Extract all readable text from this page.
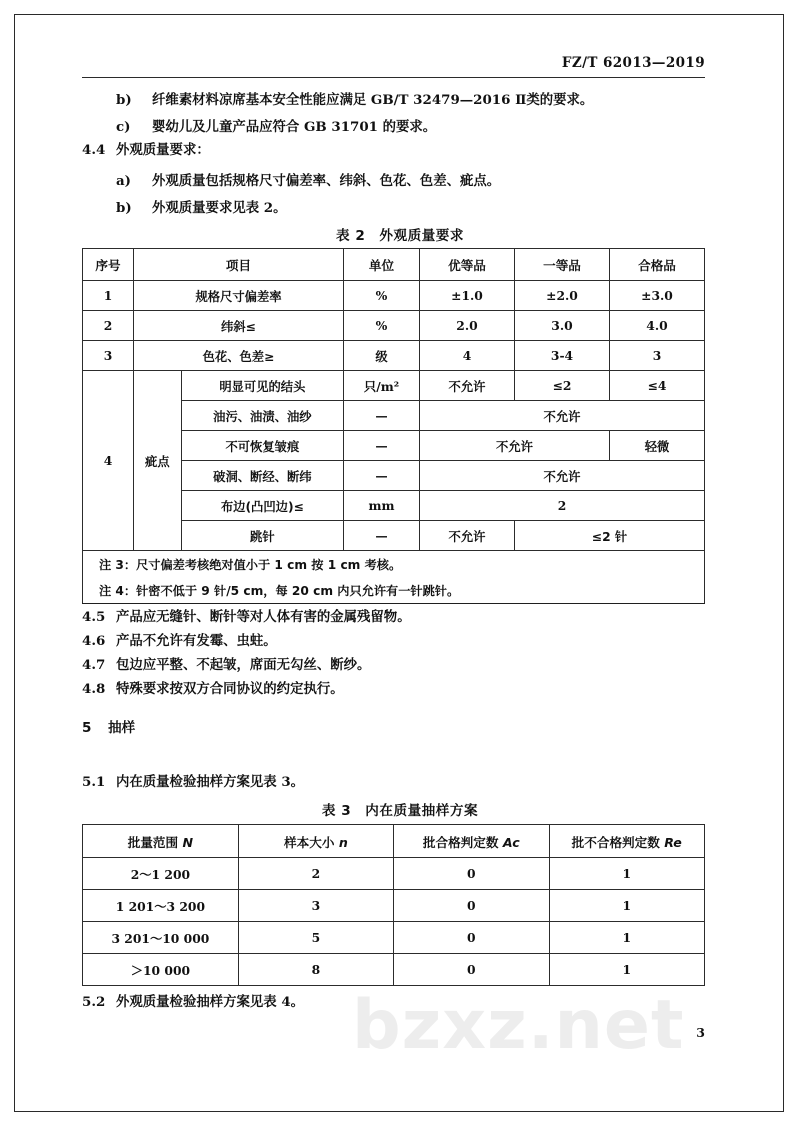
FZ/T 62013—2019
b) 纤维素材料凉席基本安全性能应满足 GB/T 32479—2016 Ⅱ类的要求。
c) 婴幼儿及儿童产品应符合 GB 31701 的要求。
4.4 外观质量要求：
a) 外观质量包括规格尺寸偏差率、纬斜、色花、色差、疵点。
b) 外观质量要求见表 2。
表 2　外观质量要求
序号	项目		单位	优等品	一等品	合格品
1	规格尺寸偏差率		%	±1.0	±2.0	±3.0
2	纬斜≤		%	2.0	3.0	4.0
3	色花、色差≥		级	4	3-4	3
4	疵点	明显可见的结头	只/m²	不允许	≤2	≤4
		油污、油渍、油纱	—	不允许		
		不可恢复皱痕	—	不允许		轻微
		破洞、断经、断纬	—	不允许		
		布边(凸凹边)≤	mm	2		
		跳针	—	不允许	≤2 针	
注 3：尺寸偏差考核绝对值小于 1 cm 按 1 cm 考核。						
注 4：针密不低于 9 针/5 cm，每 20 cm 内只允许有一针跳针。						
4.5 产品应无缝针、断针等对人体有害的金属残留物。
4.6 产品不允许有发霉、虫蛀。
4.7 包边应平整、不起皱，席面无勾丝、断纱。
4.8 特殊要求按双方合同协议的约定执行。
5 抽样
5.1 内在质量检验抽样方案见表 3。
表 3　内在质量抽样方案
批量范围 N	样本大小 n	批合格判定数 Ac	批不合格判定数 Re
2～1 200	2	0	1
1 201～3 200	3	0	1
3 201～10 000	5	0	1
＞10 000	8	0	1
5.2 外观质量检验抽样方案见表 4。 bzxz.net 3
